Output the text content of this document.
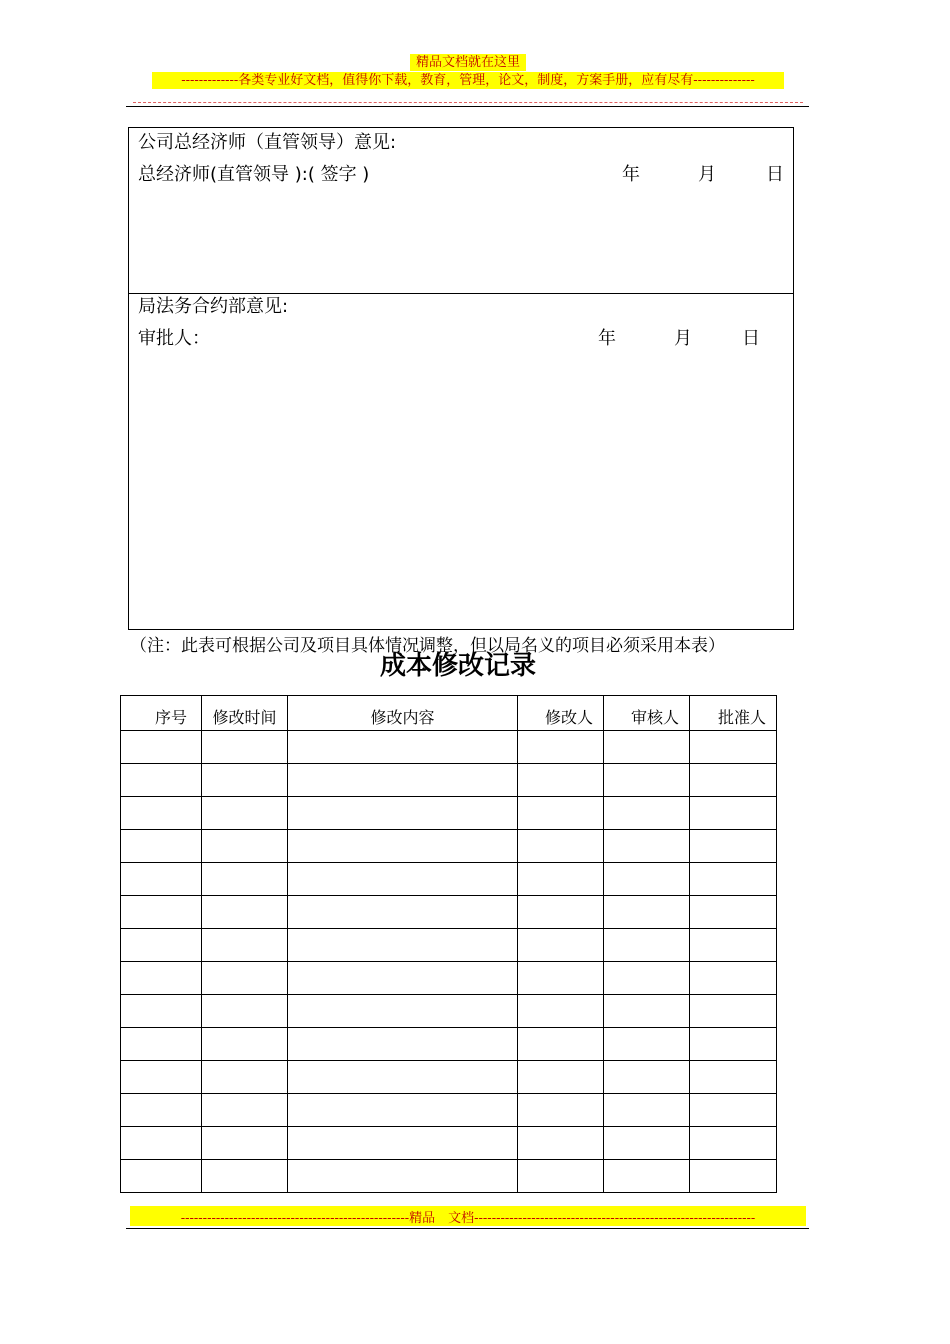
精品文档就在这里
-------------各类专业好文档，值得你下载，教育，管理，论文，制度，方案手册，应有尽有--------------
公司总经济师（直管领导）意见:
总经济师(直管领导 ):( 签字 )	年	月	日
局法务合约部意见:
审批人：	年	月	日
（注：此表可根据公司及项目具体情况调整，但以局名义的项目必须采用本表）
成本修改记录
序号	修改时间	修改内容	修改人	审核人	批准人

----------------------------------------------------精品　文档----------------------------------------------------------------
